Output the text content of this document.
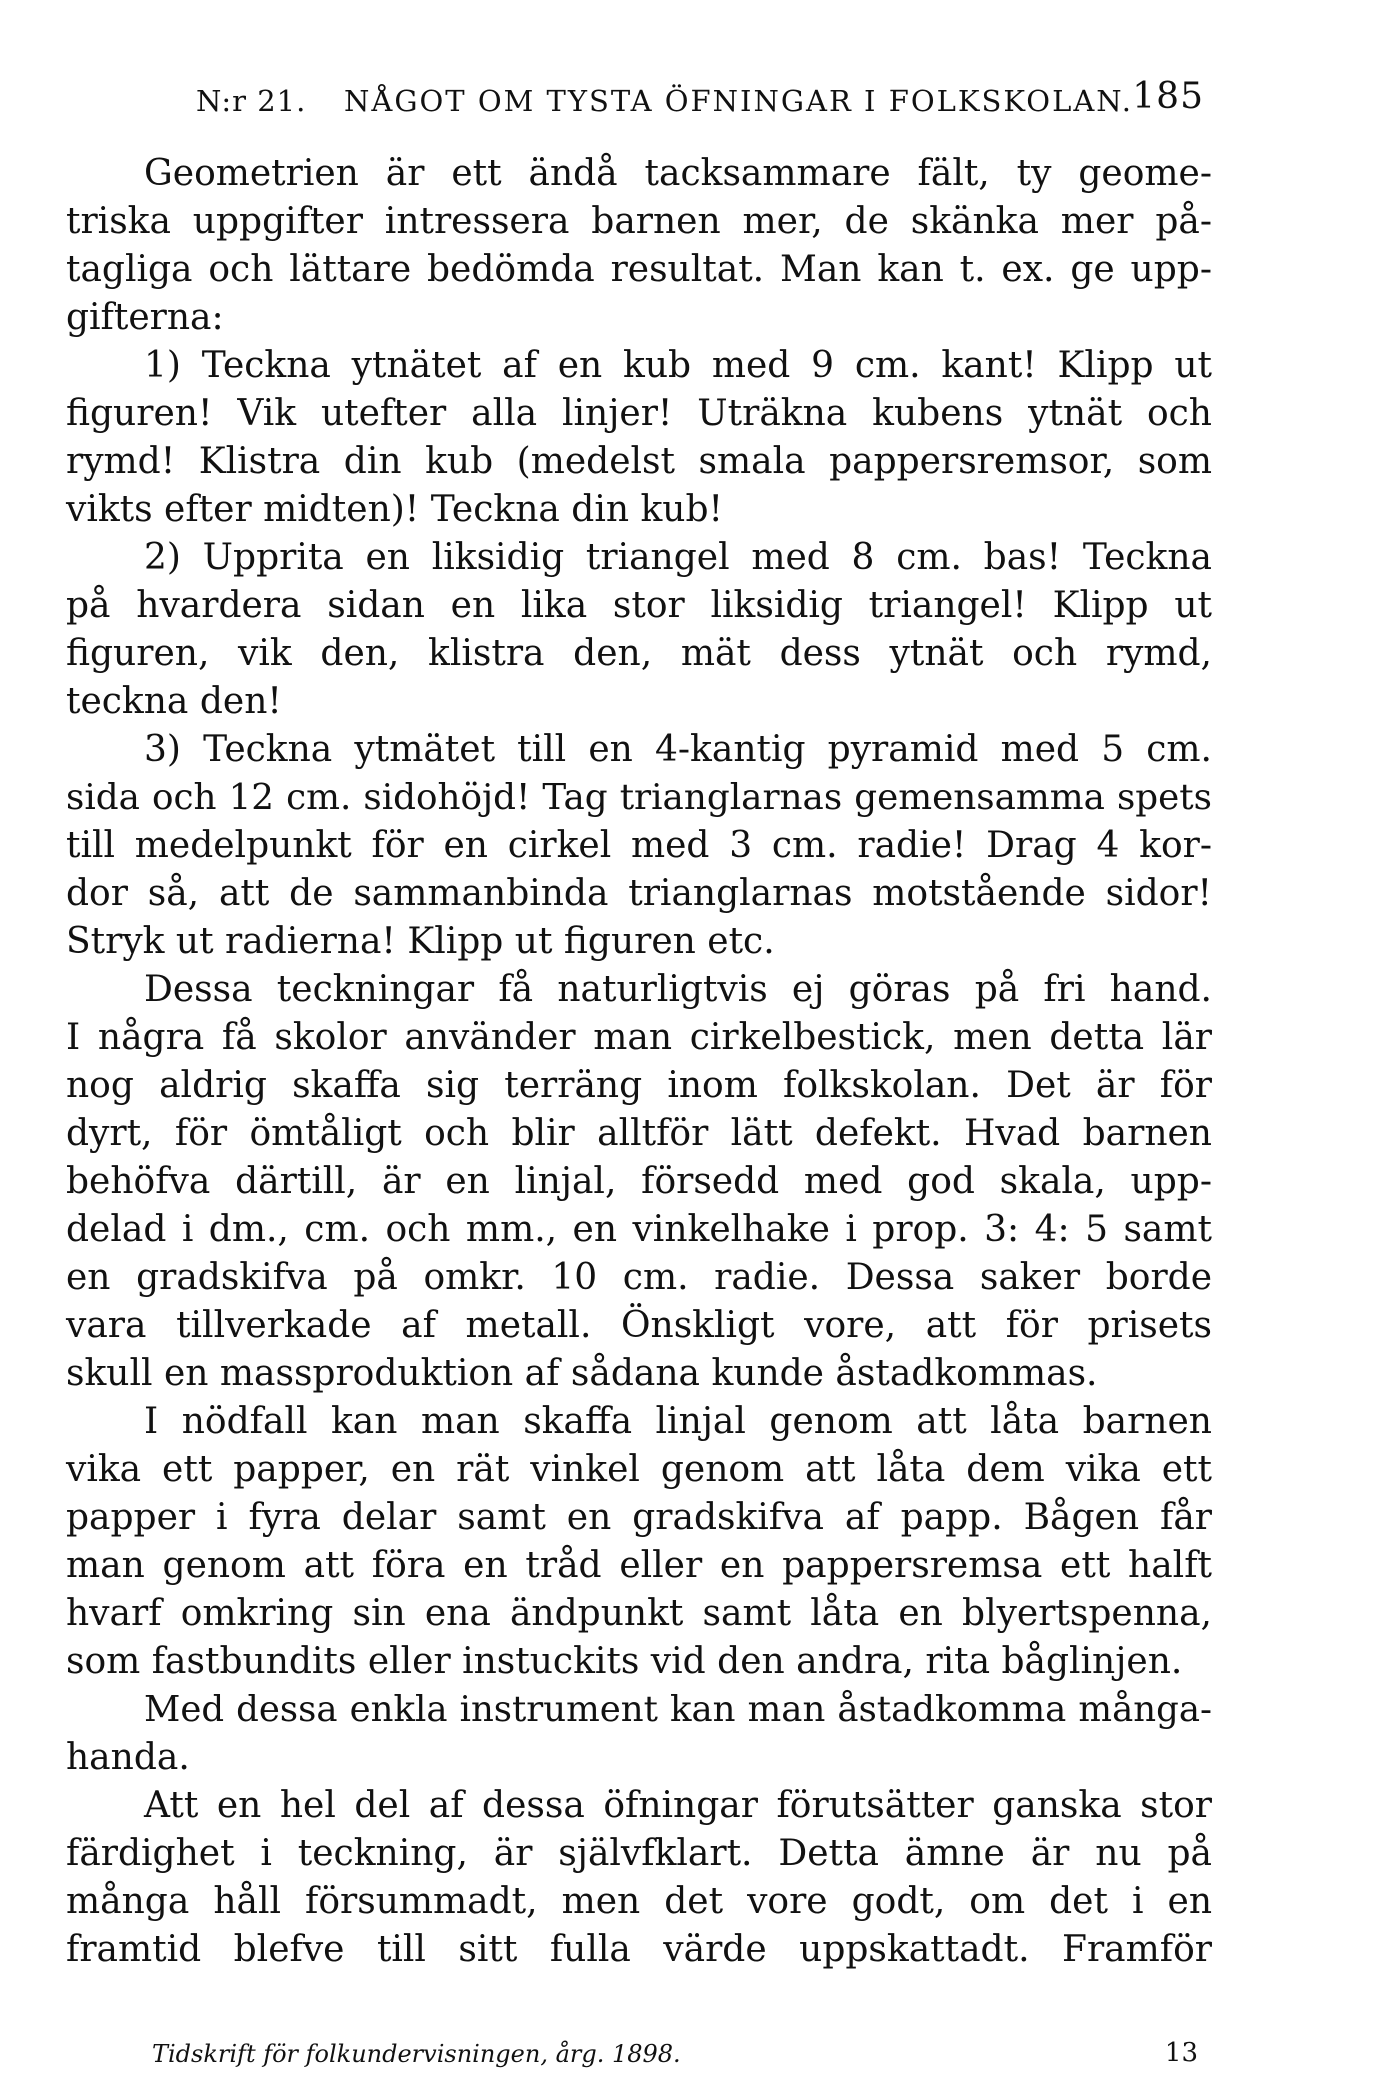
N:r 21. NÅGOT OM TYSTA ÖFNINGAR I FOLKSKOLAN. 185
Geometrien är ett ändå tacksammare fält, ty geome-
triska uppgifter intressera barnen mer, de skänka mer på-
tagliga och lättare bedömda resultat. Man kan t. ex. ge upp-
gifterna:
1) Teckna ytnätet af en kub med 9 cm. kant! Klipp ut
figuren! Vik utefter alla linjer! Uträkna kubens ytnät och
rymd! Klistra din kub (medelst smala pappersremsor, som
vikts efter midten)! Teckna din kub!
2) Upprita en liksidig triangel med 8 cm. bas! Teckna
på hvardera sidan en lika stor liksidig triangel! Klipp ut
figuren, vik den, klistra den, mät dess ytnät och rymd,
teckna den!
3) Teckna ytmätet till en 4-kantig pyramid med 5 cm.
sida och 12 cm. sidohöjd! Tag trianglarnas gemensamma spets
till medelpunkt för en cirkel med 3 cm. radie! Drag 4 kor-
dor så, att de sammanbinda trianglarnas motstående sidor!
Stryk ut radierna! Klipp ut figuren etc.
Dessa teckningar få naturligtvis ej göras på fri hand.
I några få skolor använder man cirkelbestick, men detta lär
nog aldrig skaffa sig terräng inom folkskolan. Det är för
dyrt, för ömtåligt och blir alltför lätt defekt. Hvad barnen
behöfva därtill, är en linjal, försedd med god skala, upp-
delad i dm., cm. och mm., en vinkelhake i prop. 3: 4: 5 samt
en gradskifva på omkr. 10 cm. radie. Dessa saker borde
vara tillverkade af metall. Önskligt vore, att för prisets
skull en massproduktion af sådana kunde åstadkommas.
I nödfall kan man skaffa linjal genom att låta barnen
vika ett papper, en rät vinkel genom att låta dem vika ett
papper i fyra delar samt en gradskifva af papp. Bågen får
man genom att föra en tråd eller en pappersremsa ett halft
hvarf omkring sin ena ändpunkt samt låta en blyertspenna,
som fastbundits eller instuckits vid den andra, rita båglinjen.
Med dessa enkla instrument kan man åstadkomma många-
handa.
Att en hel del af dessa öfningar förutsätter ganska stor
färdighet i teckning, är självfklart. Detta ämne är nu på
många håll försummadt, men det vore godt, om det i en
framtid blefve till sitt fulla värde uppskattadt. Framför
Tidskrift för folkundervisningen, årg. 1898.	13
